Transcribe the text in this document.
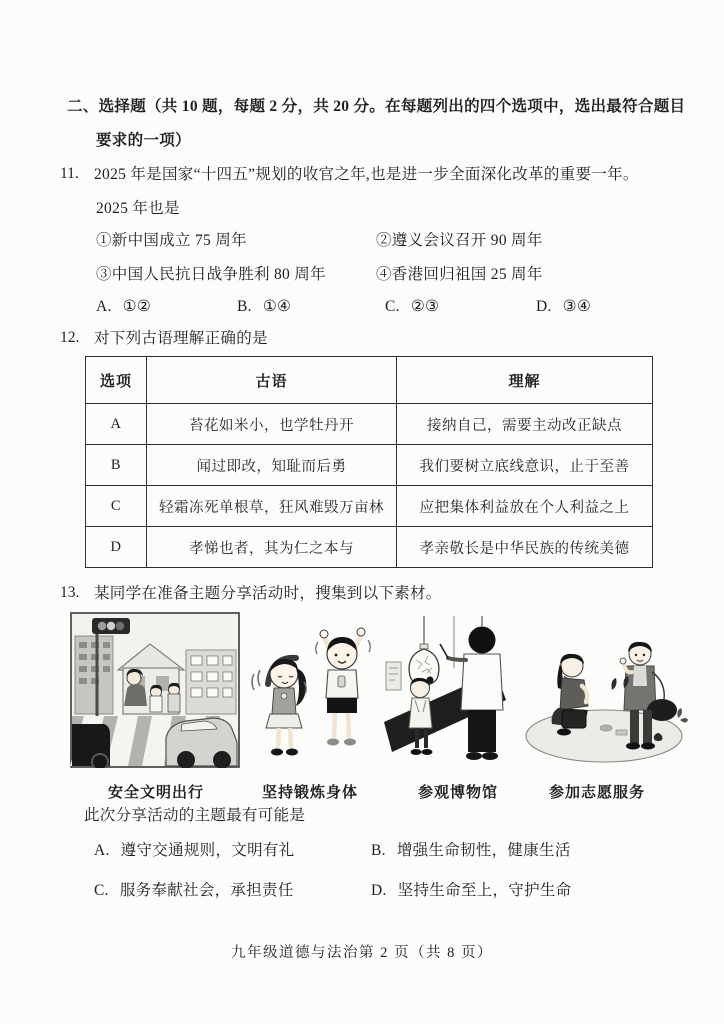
二、选择题（共 10 题，每题 2 分，共 20 分。在每题列出的四个选项中，选出最符合题目
要求的一项）
11. 2025 年是国家“十四五”规划的收官之年,也是进一步全面深化改革的重要一年。
2025 年也是
①新中国成立 75 周年	②遵义会议召开 90 周年
③中国人民抗日战争胜利 80 周年	④香港回归祖国 25 周年
A. ①②	B. ①④	C. ②③	D. ③④
12. 对下列古语理解正确的是
选项	古语	理解
A	苔花如米小，也学牡丹开	接纳自己，需要主动改正缺点
B	闻过即改，知耻而后勇	我们要树立底线意识，止于至善
C	轻霜冻死单根草，狂风难毁万亩林	应把集体利益放在个人利益之上
D	孝悌也者，其为仁之本与	孝亲敬长是中华民族的传统美德
13. 某同学在准备主题分享活动时，搜集到以下素材。
安全文明出行	坚持锻炼身体	参观博物馆	参加志愿服务
此次分享活动的主题最有可能是
A. 遵守交通规则，文明有礼	B. 增强生命韧性，健康生活
C. 服务奉献社会，承担责任	D. 坚持生命至上，守护生命
九年级道德与法治第 2 页（共 8 页）
